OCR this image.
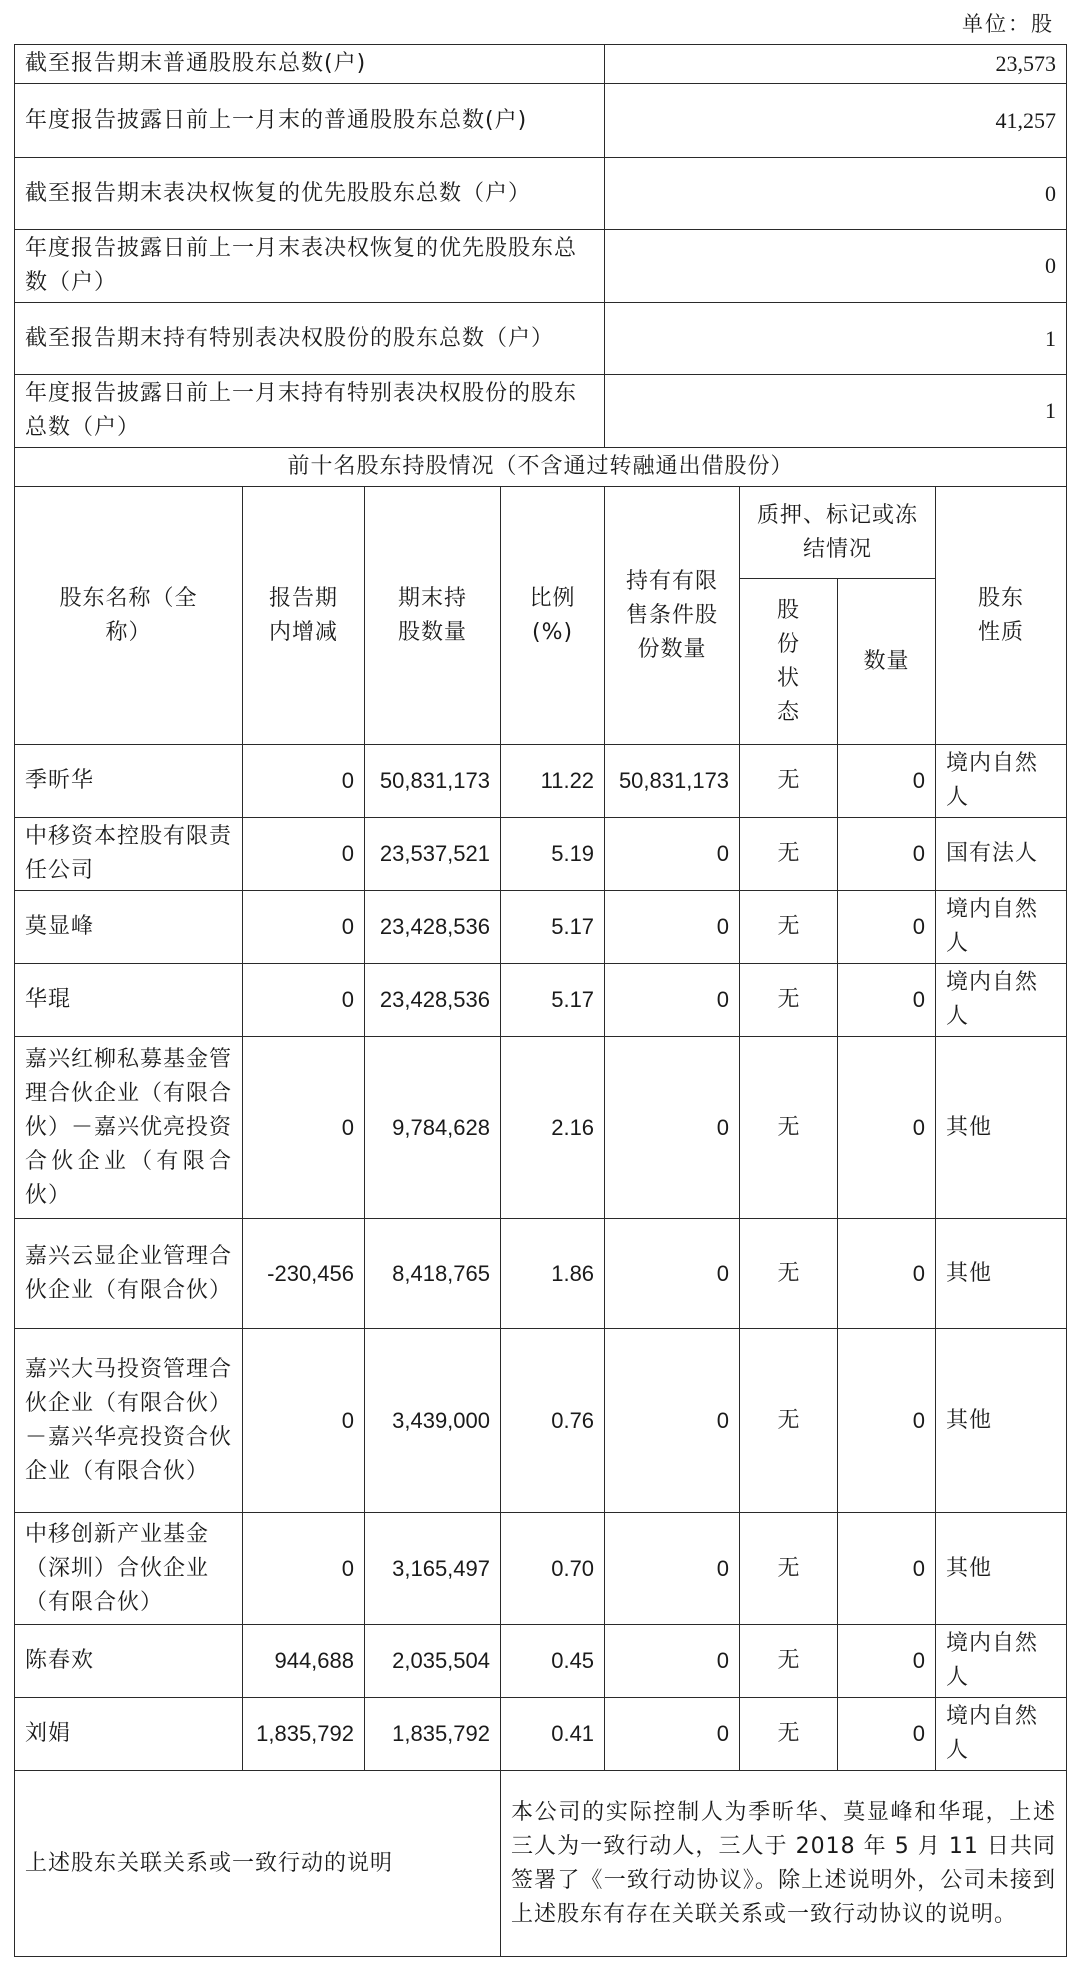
单位：股
截至报告期末普通股股东总数(户)				23,573			
年度报告披露日前上一月末的普通股股东总数(户)				41,257			
截至报告期末表决权恢复的优先股股东总数（户）				0			
年度报告披露日前上一月末表决权恢复的优先股股东总数（户）				0			
截至报告期末持有特别表决权股份的股东总数（户）				1			
年度报告披露日前上一月末持有特别表决权股份的股东总数（户）				1			
前十名股东持股情况（不含通过转融通出借股份）							
股东名称（全称）	报告期内增减	期末持股数量	比例(%)	持有有限售条件股份数量	质押、标记或冻结情况		股东性质
					股份状态	数量	
季昕华	0	50,831,173	11.22	50,831,173	无	0	境内自然人
中移资本控股有限责任公司	0	23,537,521	5.19	0	无	0	国有法人
莫显峰	0	23,428,536	5.17	0	无	0	境内自然人
华琨	0	23,428,536	5.17	0	无	0	境内自然人
嘉兴红柳私募基金管理合伙企业（有限合伙）－嘉兴优亮投资合伙企业（有限合伙）	0	9,784,628	2.16	0	无	0	其他
嘉兴云显企业管理合伙企业（有限合伙）	-230,456	8,418,765	1.86	0	无	0	其他
嘉兴大马投资管理合伙企业（有限合伙）－嘉兴华亮投资合伙企业（有限合伙）	0	3,439,000	0.76	0	无	0	其他
中移创新产业基金（深圳）合伙企业（有限合伙）	0	3,165,497	0.70	0	无	0	其他
陈春欢	944,688	2,035,504	0.45	0	无	0	境内自然人
刘娟	1,835,792	1,835,792	0.41	0	无	0	境内自然人
上述股东关联关系或一致行动的说明			本公司的实际控制人为季昕华、莫显峰和华琨，上述三人为一致行动人，三人于 2018 年 5 月 11 日共同签署了《一致行动协议》。除上述说明外，公司未接到上述股东有存在关联关系或一致行动协议的说明。				
